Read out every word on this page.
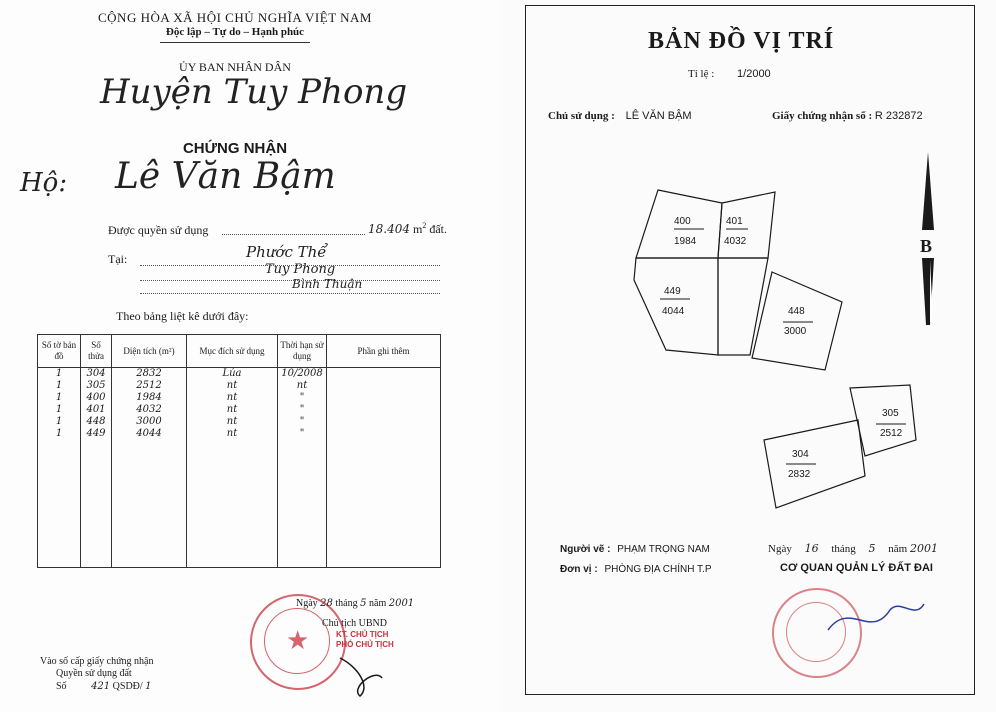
CỘNG HÒA XÃ HỘI CHỦ NGHĨA VIỆT NAM
Độc lập – Tự do – Hạnh phúc
ỦY BAN NHÂN DÂN
Huyện Tuy Phong
CHỨNG NHẬN
Hộ: Lê Văn Bậm
Được quyền sử dụng	18.404 $m^2$ đất.
Tại:	Phước Thể
Tuy Phong
Bình Thuận
Theo bảng liệt kê dưới đây:
Số tờ bản đồ	Số thửa	Diện tích (m²)	Mục đích sử dụng	Thời hạn sử dụng	Phần ghi thêm
1	304	2832	Lúa	10/2008	
1	305	2512	nt	nt	
1	400	1984	nt	"	
1	401	4032	nt	"	
1	448	3000	nt	"	
1	449	4044	nt	"	

★
Ngày 28 tháng 5 năm 2001
Chủ tịch UBND
KT. CHỦ TỊCH
PHÓ CHỦ TỊCH
Vào số cấp giấy chứng nhận
Quyền sử dụng đất
Số 421 QSDĐ/ 1
BẢN ĐỒ VỊ TRÍ
Tỉ lệ : 1/2000
Chủ sử dụng : LÊ VĂN BẬM	Giấy chứng nhận số : R 232872
400
1984
401
4032
449
4044	448
3000
305
2512
304
2832
B
Người vẽ : PHẠM TRỌNG NAM
Đơn vị : PHÒNG ĐỊA CHÍNH T.P
Ngày 16 tháng 5 năm 2001
CƠ QUAN QUẢN LÝ ĐẤT ĐAI
